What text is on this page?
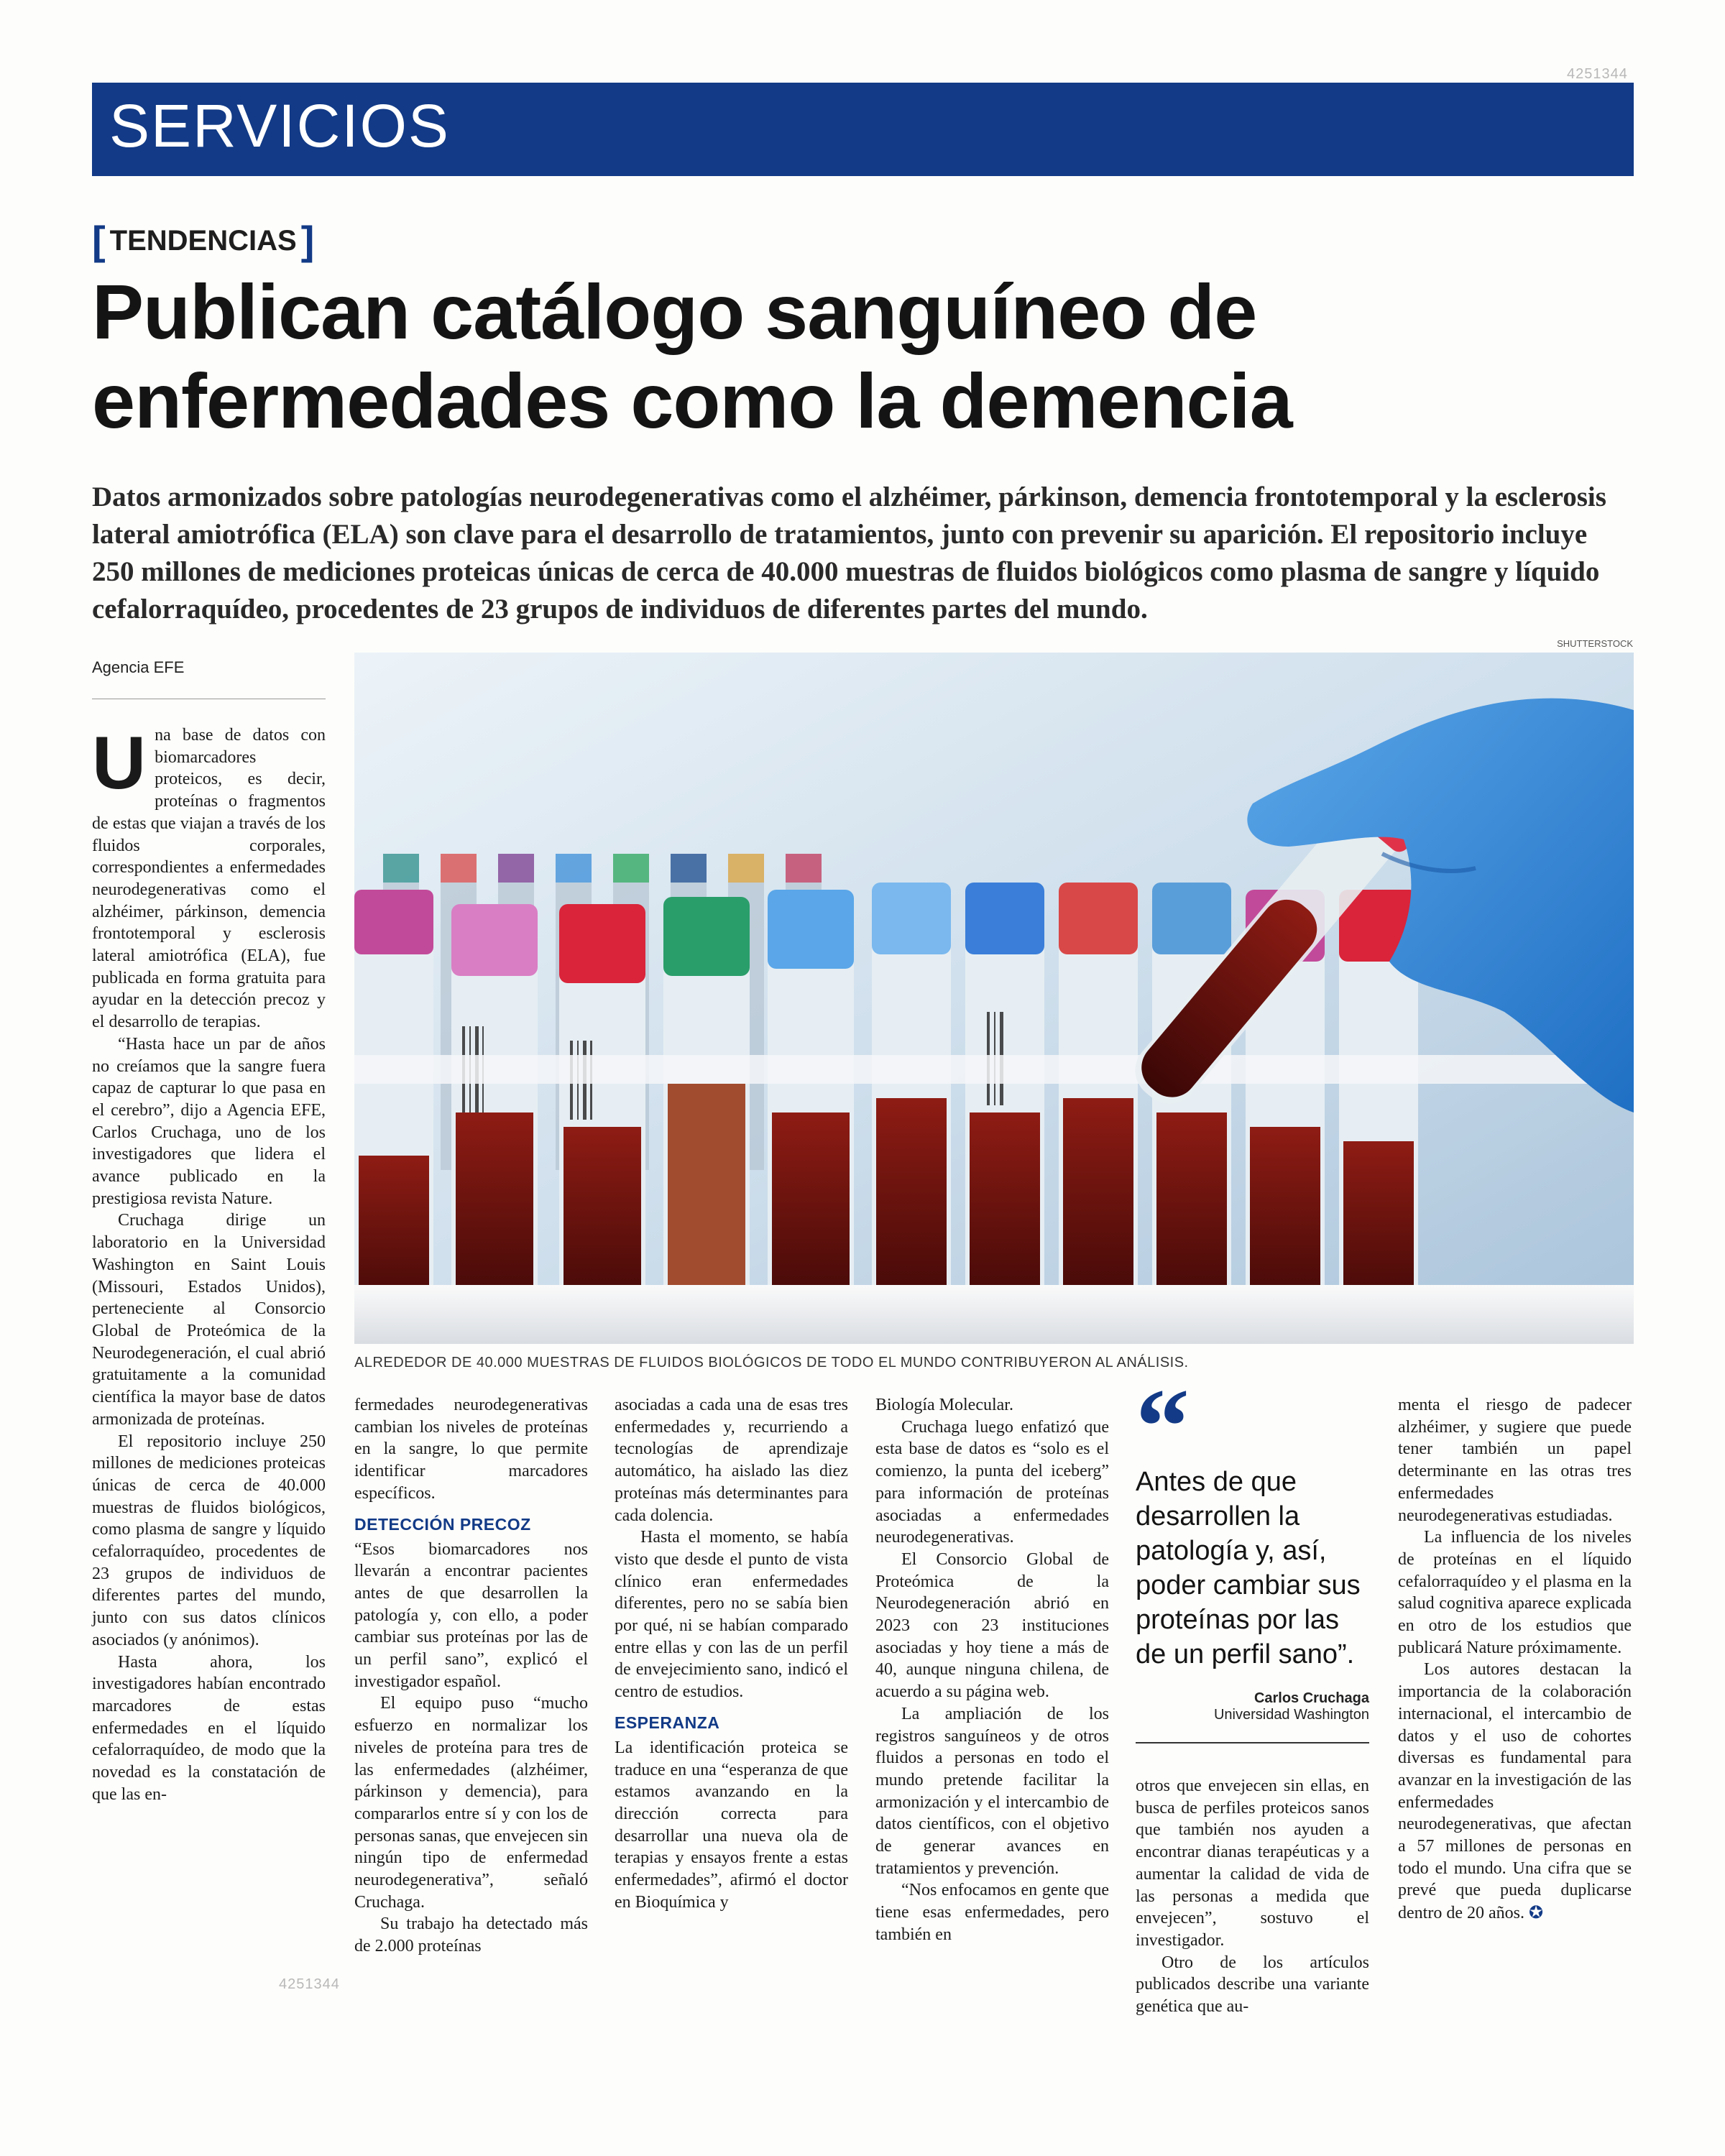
4251344
SERVICIOS
[ TENDENCIAS ]
Publican catálogo sanguíneo de enfermedades como la demencia

Datos armonizados sobre patologías neurodegenerativas como el alzhéimer, párkinson, demencia frontotemporal y la esclerosis lateral amiotrófica (ELA) son clave para el desarrollo de tratamientos, junto con prevenir su aparición. El repositorio incluye 250 millones de mediciones proteicas únicas de cerca de 40.000 muestras de fluidos biológicos como plasma de sangre y líquido cefalorraquídeo, procedentes de 23 grupos de individuos de diferentes partes del mundo.

SHUTTERSTOCK
Agencia EFE
ALREDEDOR DE 40.000 MUESTRAS DE FLUIDOS BIOLÓGICOS DE TODO EL MUNDO CONTRIBUYERON AL ANÁLISIS.

Una base de datos con biomarcadores proteicos, es decir, proteínas o fragmentos de estas que viajan a través de los fluidos corporales, correspondientes a enfermedades neurodegenerativas como el alzhéimer, párkinson, demencia frontotemporal y esclerosis lateral amiotrófica (ELA), fue publicada en forma gratuita para ayudar en la detección precoz y el desarrollo de terapias.

“Hasta hace un par de años no creíamos que la sangre fuera capaz de capturar lo que pasa en el cerebro”, dijo a Agencia EFE, Carlos Cruchaga, uno de los investigadores que lidera el avance publicado en la prestigiosa revista Nature.

Cruchaga dirige un laboratorio en la Universidad Washington en Saint Louis (Missouri, Estados Unidos), perteneciente al Consorcio Global de Proteómica de la Neurodegeneración, el cual abrió gratuitamente a la comunidad científica la mayor base de datos armonizada de proteínas.

El repositorio incluye 250 millones de mediciones proteicas únicas de cerca de 40.000 muestras de fluidos biológicos, como plasma de sangre y líquido cefalorraquídeo, procedentes de 23 grupos de individuos de diferentes partes del mundo, junto con sus datos clínicos asociados (y anónimos).

Hasta ahora, los investigadores habían encontrado marcadores de estas enfermedades en el líquido cefalorraquídeo, de modo que la novedad es la constatación de que las en-

fermedades neurodegenerativas cambian los niveles de proteínas en la sangre, lo que permite identificar marcadores específicos.

DETECCIÓN PRECOZ

“Esos biomarcadores nos llevarán a encontrar pacientes antes de que desarrollen la patología y, con ello, a poder cambiar sus proteínas por las de un perfil sano”, explicó el investigador español.

El equipo puso “mucho esfuerzo en normalizar los niveles de proteína para tres de las enfermedades (alzhéimer, párkinson y demencia), para compararlos entre sí y con los de personas sanas, que envejecen sin ningún tipo de enfermedad neurodegenerativa”, señaló Cruchaga.

Su trabajo ha detectado más de 2.000 proteínas

asociadas a cada una de esas tres enfermedades y, recurriendo a tecnologías de aprendizaje automático, ha aislado las diez proteínas más determinantes para cada dolencia.

Hasta el momento, se había visto que desde el punto de vista clínico eran enfermedades diferentes, pero no se sabía bien por qué, ni se habían comparado entre ellas y con las de un perfil de envejecimiento sano, indicó el centro de estudios.

ESPERANZA

La identificación proteica se traduce en una “esperanza de que estamos avanzando en la dirección correcta para desarrollar una nueva ola de terapias y ensayos frente a estas enfermedades”, afirmó el doctor en Bioquímica y

Biología Molecular.

Cruchaga luego enfatizó que esta base de datos es “solo es el comienzo, la punta del iceberg” para información de proteínas asociadas a enfermedades neurodegenerativas.

El Consorcio Global de Proteómica de la Neurodegeneración abrió en 2023 con 23 instituciones asociadas y hoy tiene a más de 40, aunque ninguna chilena, de acuerdo a su página web.

La ampliación de los registros sanguíneos y de otros fluidos a personas en todo el mundo pretende facilitar la armonización y el intercambio de datos científicos, con el objetivo de generar avances en tratamientos y prevención.

“Nos enfocamos en gente que tiene esas enfermedades, pero también en

“

Antes de que desarrollen la patología y, así, poder cambiar sus proteínas por las de un perfil sano”.

Carlos Cruchaga
Universidad Washington

otros que envejecen sin ellas, en busca de perfiles proteicos sanos que también nos ayuden a encontrar dianas terapéuticas y a aumentar la calidad de vida de las personas a medida que envejecen”, sostuvo el investigador.

Otro de los artículos publicados describe una variante genética que au-

menta el riesgo de padecer alzhéimer, y sugiere que puede tener también un papel determinante en las otras tres enfermedades neurodegenerativas estudiadas.

La influencia de los niveles de proteínas en el líquido cefalorraquídeo y el plasma en la salud cognitiva aparece explicada en otro de los estudios que publicará Nature próximamente.

Los autores destacan la importancia de la colaboración internacional, el intercambio de datos y el uso de cohortes diversas es fundamental para avanzar en la investigación de las enfermedades neurodegenerativas, que afectan a 57 millones de personas en todo el mundo. Una cifra que se prevé que pueda duplicarse dentro de 20 años. ✪

4251344
